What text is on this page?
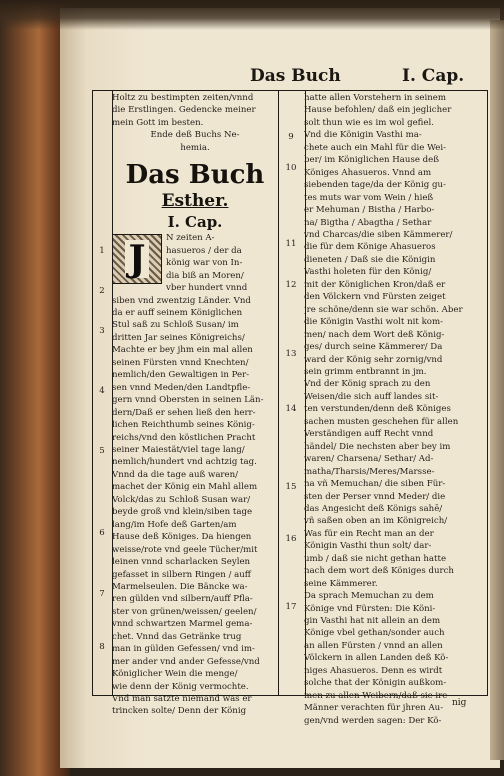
Das Buch	I. Cap.
Holtz zu bestimpten zeiten/vnnd
die Erstlingen. Gedencke meiner
mein Gott im besten.
Ende deß Buchs Ne-
hemia.
Das Buch
Esther.
I. Cap.
J	N zeiten A-
hasueros / der da
könig war von In-
dia biß an Moren/
vber hundert vnnd
siben vnd zwentzig Länder. Vnd
da er auff seinem Königlichen
Stul saß zu Schloß Susan/ im
dritten Jar seines Königreichs/
Machte er bey jhm ein mal allen
seinen Fürsten vnnd Knechten/
nemlich/den Gewaltigen in Per-
sen vnnd Meden/den Landtpfle-
gern vnnd Obersten in seinen Län-
dern/Daß er sehen ließ den herr-
lichen Reichthumb seines König-
reichs/vnd den köstlichen Pracht
seiner Maiestät/viel tage lang/
nemlich/hundert vnd achtzig tag.
Vnnd da die tage auß waren/
machet der König ein Mahl allem
Volck/das zu Schloß Susan war/
beyde groß vnd klein/siben tage
lang/im Hofe deß Garten/am
Hause deß Königes. Da hiengen
weisse/rote vnd geele Tücher/mit
leinen vnnd scharlacken Seylen
gefasset in silbern Ringen / auff
Marmelseulen. Die Bäncke wa-
ren gülden vnd silbern/auff Pfla-
ster von grünen/weissen/ geelen/
vnnd schwartzen Marmel gema-
chet. Vnnd das Getränke trug
man in gülden Gefessen/ vnd im-
mer ander vnd ander Gefesse/vnd
Königlicher Wein die menge/
wie denn der König vermochte.
Vnd man satzte niemand was er
trincken solte/ Denn der König
hatte allen Vorstehern in seinem
Hause befohlen/ daß ein jeglicher
solt thun wie es im wol gefiel.
Vnd die Königin Vasthi ma-
chete auch ein Mahl für die Wei-
ber/ im Königlichen Hause deß
Königes Ahasueros. Vnnd am
siebenden tage/da der König gu-
tes muts war vom Wein / hieß
er Mehuman / Bistha / Harbo-
na/ Bigtha / Abagtha / Sethar
vnd Charcas/die siben Kämmerer/
die für dem Könige Ahasueros
dieneten / Daß sie die Königin
Vasthi holeten für den König/
mit der Königlichen Kron/daß er
den Völckern vnd Fürsten zeiget
jre schöne/denn sie war schön. Aber
die Königin Vasthi wolt nit kom-
men/ nach dem Wort deß König-
ges/ durch seine Kämmerer/ Da
ward der König sehr zornig/vnd
sein grimm entbrannt in jm.
Vnd der König sprach zu den
Weisen/die sich auff landes sit-
ten verstunden/denn deß Königes
sachen musten geschehen für allen
Verständigen auff Recht vnnd
händel/ Die nechsten aber bey im
waren/ Charsena/ Sethar/ Ad-
matha/Tharsis/Meres/Marsse-
na vñ Memuchan/ die siben Für-
sten der Perser vnnd Meder/ die
das Angesicht deß Königs sahē/
vñ saßen oben an im Königreich/
Was für ein Recht man an der
Königin Vasthi thun solt/ dar-
umb / daß sie nicht gethan hatte
nach dem wort deß Königes durch
seine Kämmerer.
Da sprach Memuchan zu dem
Könige vnd Fürsten: Die Köni-
gin Vasthi hat nit allein an dem
Könige vbel gethan/sonder auch
an allen Fürsten / vnnd an allen
Völckern in allen Landen deß Kö-
niges Ahasueros. Denn es wirdt
solche that der Königin außkom-
men zu allen Weibern/daß sie ire
Männer verachten für jhren Au-
gen/vnd werden sagen: Der Kö-
1
2
3
4
5
6
7
8
9
10
11
12
13
14
15
16
17
nig
